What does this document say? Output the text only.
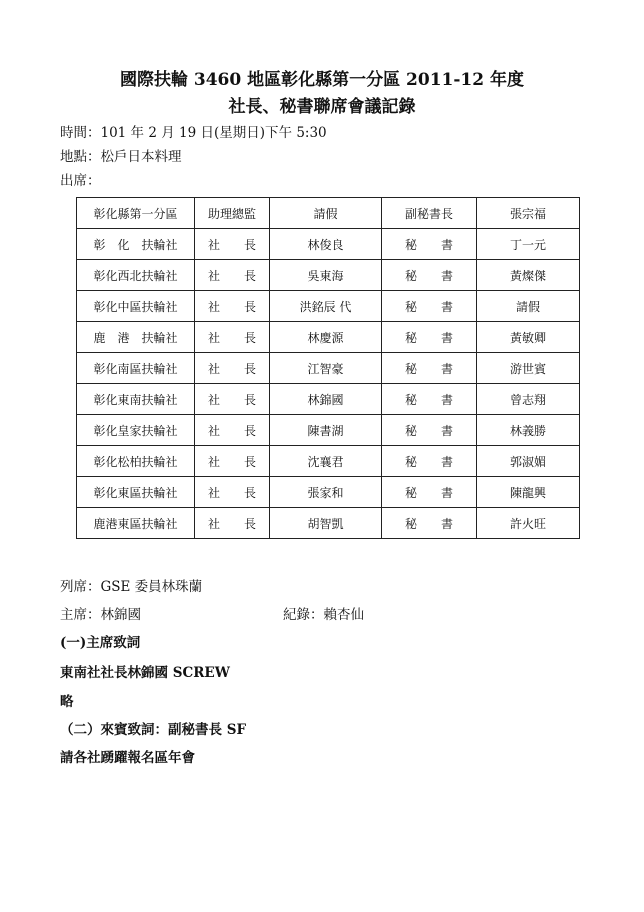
國際扶輪 3460 地區彰化縣第一分區 2011-12 年度

社長、秘書聯席會議記錄

時間：101 年 2 月 19 日(星期日)下午 5:30

地點：松戶日本料理

出席：

彰化縣第一分區	助理總監	請假	副秘書長	張宗福
彰　化　扶輪社	社　　長	林俊良	秘　　書	丁一元
彰化西北扶輪社	社　　長	吳東海	秘　　書	黃燦傑
彰化中區扶輪社	社　　長	洪銘辰 代	秘　　書	請假
鹿　港　扶輪社	社　　長	林慶源	秘　　書	黃敏卿
彰化南區扶輪社	社　　長	江智豪	秘　　書	游世賓
彰化東南扶輪社	社　　長	林錦國	秘　　書	曾志翔
彰化皇家扶輪社	社　　長	陳書湖	秘　　書	林義勝
彰化松柏扶輪社	社　　長	沈襄君	秘　　書	郭淑媚
彰化東區扶輪社	社　　長	張家和	秘　　書	陳龍興
鹿港東區扶輪社	社　　長	胡智凱	秘　　書	許火旺

列席：GSE 委員林珠蘭

主席：林錦國	紀錄：賴杏仙

(一)主席致詞

東南社社長林錦國 SCREW

略

（二）來賓致詞：副秘書長 SF

請各社踴躍報名區年會
